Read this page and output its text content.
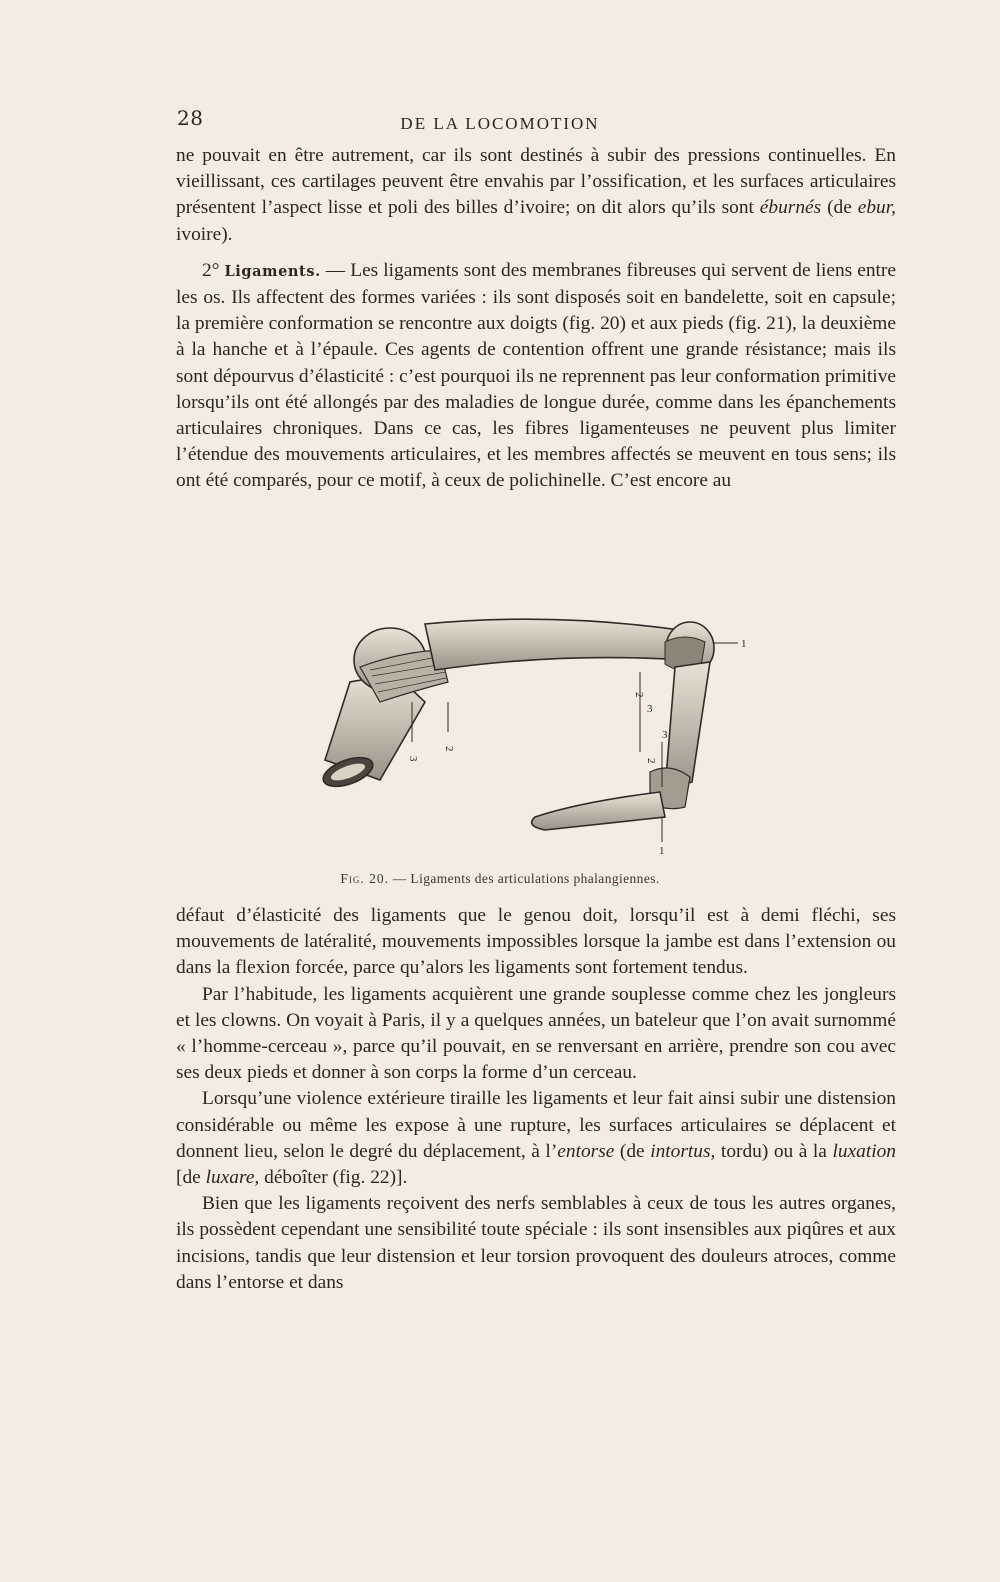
28	DE LA LOCOMOTION

ne pouvait en être autrement, car ils sont destinés à subir des pressions continuelles. En vieillissant, ces cartilages peuvent être envahis par l’ossification, et les surfaces articulaires présentent l’aspect lisse et poli des billes d’ivoire; on dit alors qu’ils sont éburnés (de ebur, ivoire).

2° Ligaments. — Les ligaments sont des membranes fibreuses qui servent de liens entre les os. Ils affectent des formes variées : ils sont disposés soit en bandelette, soit en capsule; la première conformation se rencontre aux doigts (fig. 20) et aux pieds (fig. 21), la deuxième à la hanche et à l’épaule. Ces agents de contention offrent une grande résistance; mais ils sont dépourvus d’élasticité : c’est pourquoi ils ne reprennent pas leur conformation primitive lorsqu’ils ont été allongés par des maladies de longue durée, comme dans les épanchements articulaires chroniques. Dans ce cas, les fibres ligamenteuses ne peuvent plus limiter l’étendue des mouvements articulaires, et les membres affectés se meuvent en tous sens; ils ont été comparés, pour ce motif, à ceux de polichinelle. C’est encore au

1
2
3
2
3
3
2
1
Fig. 20. — Ligaments des articulations phalangiennes.

défaut d’élasticité des ligaments que le genou doit, lorsqu’il est à demi fléchi, ses mouvements de latéralité, mouvements impossibles lorsque la jambe est dans l’extension ou dans la flexion forcée, parce qu’alors les ligaments sont fortement tendus.

Par l’habitude, les ligaments acquièrent une grande souplesse comme chez les jongleurs et les clowns. On voyait à Paris, il y a quelques années, un bateleur que l’on avait surnommé « l’homme-cerceau », parce qu’il pouvait, en se renversant en arrière, prendre son cou avec ses deux pieds et donner à son corps la forme d’un cerceau.

Lorsqu’une violence extérieure tiraille les ligaments et leur fait ainsi subir une distension considérable ou même les expose à une rupture, les surfaces articulaires se déplacent et donnent lieu, selon le degré du déplacement, à l’entorse (de intortus, tordu) ou à la luxation [de luxare, déboîter (fig. 22)].

Bien que les ligaments reçoivent des nerfs semblables à ceux de tous les autres organes, ils possèdent cependant une sensibilité toute spéciale : ils sont insensibles aux piqûres et aux incisions, tandis que leur distension et leur torsion provoquent des douleurs atroces, comme dans l’entorse et dans
